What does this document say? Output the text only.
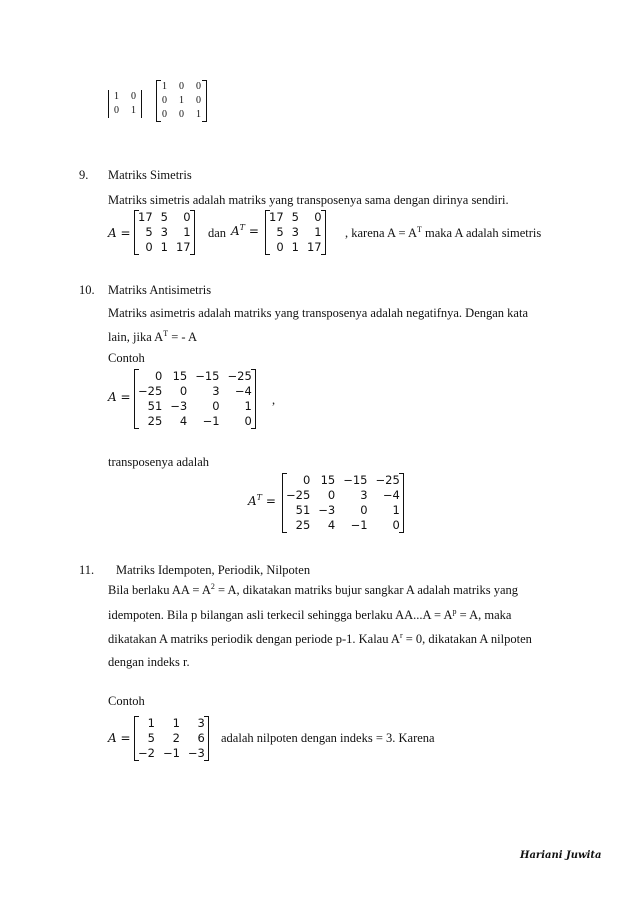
1	0
0	1
1	0	0
0	1	0
0	0	1
9. Matriks Simetris
Matriks simetris adalah matriks yang transposenya sama dengan dirinya sendiri.
A =
17	5	0
5	3	1
0	1	17
dan $A^T$ =
17	5	0
5	3	1
0	1	17
, karena $A = A^T$ maka A adalah simetris
10. Matriks Antisimetris
Matriks asimetris adalah matriks yang transposenya adalah negatifnya. Dengan kata
lain, jika $A^T$ = - A
Contoh
A =
0	15	−15	−25
−25	0	3	−4
51	−3	0	1
25	4	−1	0
,
transposenya adalah
$A^T$ =
0	15	−15	−25
−25	0	3	−4
51	−3	0	1
25	4	−1	0
11. Matriks Idempoten, Periodik, Nilpoten
Bila berlaku AA = $A^2 = A$, dikatakan matriks bujur sangkar A adalah matriks yang
idempoten. Bila p bilangan asli terkecil sehingga berlaku $AA...A = A^p = A$, maka
dikatakan A matriks periodik dengan periode p-1. Kalau $A^r = 0$, dikatakan A nilpoten
dengan indeks r.
Contoh
A =
1	1	3
5	2	6
−2	−1	−3
adalah nilpoten dengan indeks = 3. Karena
Hariani Juwita
